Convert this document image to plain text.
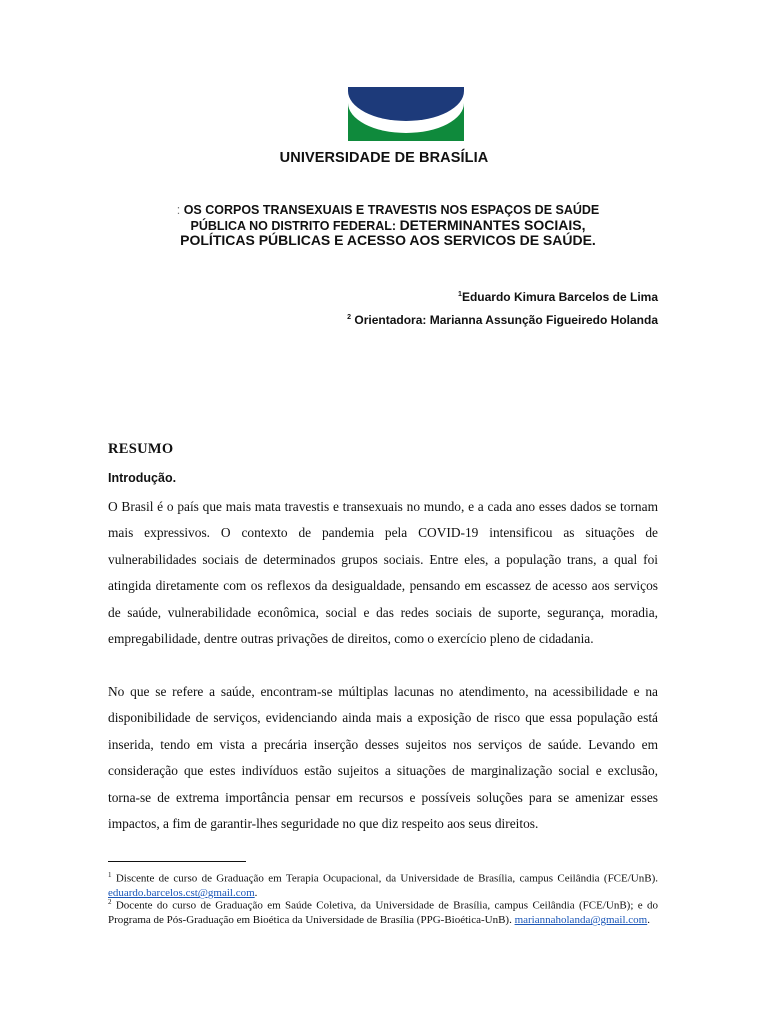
UNIVERSIDADE DE BRASÍLIA
: OS CORPOS TRANSEXUAIS E TRAVESTIS NOS ESPAÇOS DE SAÚDE
PÚBLICA NO DISTRITO FEDERAL: DETERMINANTES SOCIAIS,
POLÍTICAS PÚBLICAS E ACESSO AOS SERVICOS DE SAÚDE.
$^1$Eduardo Kimura Barcelos de Lima
$^2$ Orientadora: Marianna Assunção Figueiredo Holanda
RESUMO
Introdução.
O Brasil é o país que mais mata travestis e transexuais no mundo, e a cada ano esses dados se tornam mais expressivos. O contexto de pandemia pela COVID-19 intensificou as situações de vulnerabilidades sociais de determinados grupos sociais. Entre eles, a população trans, a qual foi atingida diretamente com os reflexos da desigualdade, pensando em escassez de acesso aos serviços de saúde, vulnerabilidade econômica, social e das redes sociais de suporte, segurança, moradia, empregabilidade, dentre outras privações de direitos, como o exercício pleno de cidadania.
No que se refere a saúde, encontram-se múltiplas lacunas no atendimento, na acessibilidade e na disponibilidade de serviços, evidenciando ainda mais a exposição de risco que essa população está inserida, tendo em vista a precária inserção desses sujeitos nos serviços de saúde. Levando em consideração que estes indivíduos estão sujeitos a situações de marginalização social e exclusão, torna-se de extrema importância pensar em recursos e possíveis soluções para se amenizar esses impactos, a fim de garantir-lhes seguridade no que diz respeito aos seus direitos.
$^1$ Discente de curso de Graduação em Terapia Ocupacional, da Universidade de Brasília, campus Ceilândia (FCE/UnB). eduardo.barcelos.cst@gmail.com.
$^2$ Docente do curso de Graduação em Saúde Coletiva, da Universidade de Brasília, campus Ceilândia (FCE/UnB); e do Programa de Pós-Graduação em Bioética da Universidade de Brasília (PPG-Bioética-UnB). mariannaholanda@gmail.com.
